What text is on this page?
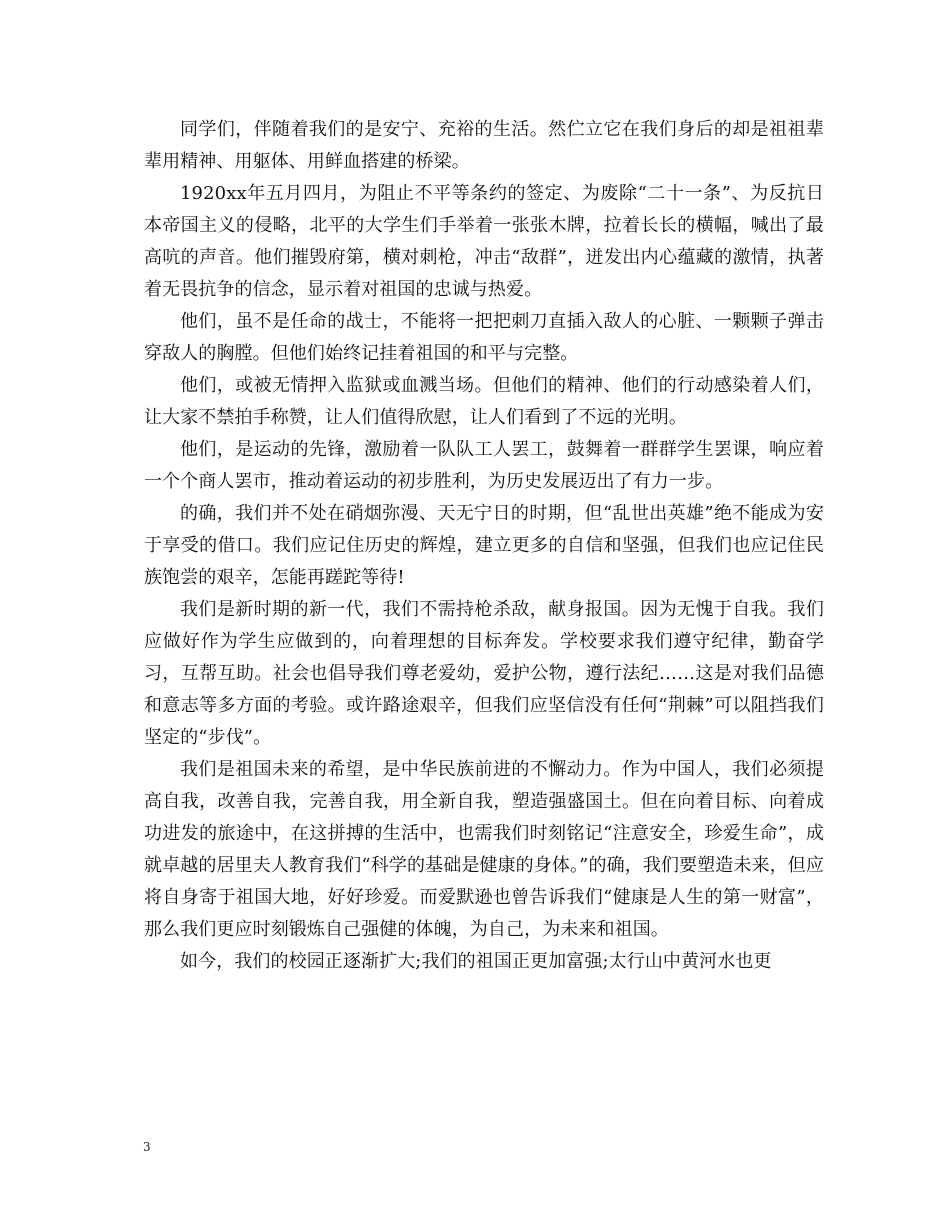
同学们，伴随着我们的是安宁、充裕的生活。然伫立它在我们身后的却是祖祖辈辈用精神、用躯体、用鲜血搭建的桥梁。

1920xx年五月四月，为阻止不平等条约的签定、为废除“二十一条”、为反抗日本帝国主义的侵略，北平的大学生们手举着一张张木牌，拉着长长的横幅，喊出了最高吭的声音。他们摧毁府第，横对刺枪，冲击“敌群”，迸发出内心蕴藏的激情，执著着无畏抗争的信念，显示着对祖国的忠诚与热爱。

他们，虽不是任命的战士，不能将一把把刺刀直插入敌人的心脏、一颗颗子弹击穿敌人的胸膛。但他们始终记挂着祖国的和平与完整。

他们，或被无情押入监狱或血溅当场。但他们的精神、他们的行动感染着人们，让大家不禁拍手称赞，让人们值得欣慰，让人们看到了不远的光明。

他们，是运动的先锋，激励着一队队工人罢工，鼓舞着一群群学生罢课，响应着一个个商人罢市，推动着运动的初步胜利，为历史发展迈出了有力一步。

的确，我们并不处在硝烟弥漫、天无宁日的时期，但“乱世出英雄”绝不能成为安于享受的借口。我们应记住历史的辉煌，建立更多的自信和坚强，但我们也应记住民族饱尝的艰辛，怎能再蹉跎等待!

我们是新时期的新一代，我们不需持枪杀敌，献身报国。因为无愧于自我。我们应做好作为学生应做到的，向着理想的目标奔发。学校要求我们遵守纪律，勤奋学习，互帮互助。社会也倡导我们尊老爱幼，爱护公物，遵行法纪……这是对我们品德和意志等多方面的考验。或许路途艰辛，但我们应坚信没有任何“荆棘”可以阻挡我们坚定的“步伐”。

我们是祖国未来的希望，是中华民族前进的不懈动力。作为中国人，我们必须提高自我，改善自我，完善自我，用全新自我，塑造强盛国土。但在向着目标、向着成功进发的旅途中，在这拼搏的生活中，也需我们时刻铭记“注意安全，珍爱生命”，成就卓越的居里夫人教育我们“科学的基础是健康的身体。”的确，我们要塑造未来，但应将自身寄于祖国大地，好好珍爱。而爱默逊也曾告诉我们“健康是人生的第一财富”，那么我们更应时刻锻炼自己强健的体魄，为自己，为未来和祖国。

如今，我们的校园正逐渐扩大;我们的祖国正更加富强;太行山中黄河水也更

3
